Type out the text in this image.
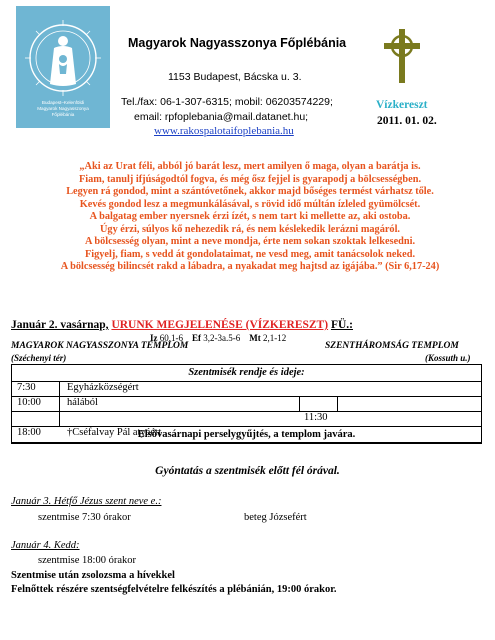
Budapest–Kelenföldi
Magyarok Nagyasszonya
Főplébánia
Magyarok Nagyasszonya Főplébánia
1153 Budapest, Bácska u. 3.
Tel./fax: 06-1-307-6315; mobil: 06203574229;
email: rpfoplebania@mail.datanet.hu;
www.rakospalotaifoplebania.hu
Vízkereszt
2011. 01. 02.
„Aki az Urat féli, abból jó barát lesz, mert amilyen ő maga, olyan a barátja is.
Fiam, tanulj ifjúságodtól fogva, és még ősz fejjel is gyarapodj a bölcsességben.
Legyen rá gondod, mint a szántóvetőnek, akkor majd bőséges termést várhatsz tőle.
Kevés gondod lesz a megmunkálásával, s rövid idő múltán ízleled gyümölcsét.
A balgatag ember nyersnek érzi ízét, s nem tart ki mellette az, aki ostoba.
Úgy érzi, súlyos kő nehezedik rá, és nem késlekedik lerázni magáról.
A bölcsesség olyan, mint a neve mondja, érte nem sokan szoktak lelkesedni.
Figyelj, fiam, s vedd át gondolataimat, ne vesd meg, amit tanácsolok neked.
A bölcsesség bilincsét rakd a lábadra, a nyakadat meg hajtsd az igájába.” (Sir 6,17-24)
Január 2. vasárnap, URUNK MEGJELENÉSE (VÍZKERESZT) FÜ.:
Iz 60,1-6 Ef 3,2-3a.5-6 Mt 2,1-12
MAGYAROK NAGYASSZONYA TEMPLOM
(Széchenyi tér)
SZENTHÁROMSÁG TEMPLOM
(Kossuth u.)
Szentmisék rendje és ideje:
7:30	Egyházközségért
10:00 hálából
11:30
18:00 †Cséfalvay Pál atyáért
Elsővasárnapi perselygyűjtés, a templom javára.
Gyóntatás a szentmisék előtt fél órával.
Január 3. Hétfő Jézus szent neve e.:
szentmise 7:30 órakor	beteg Józsefért
Január 4. Kedd:
szentmise 18:00 órakor
Szentmise után zsolozsma a hívekkel
Felnőttek részére szentségfelvételre felkészítés a plébánián, 19:00 órakor.
